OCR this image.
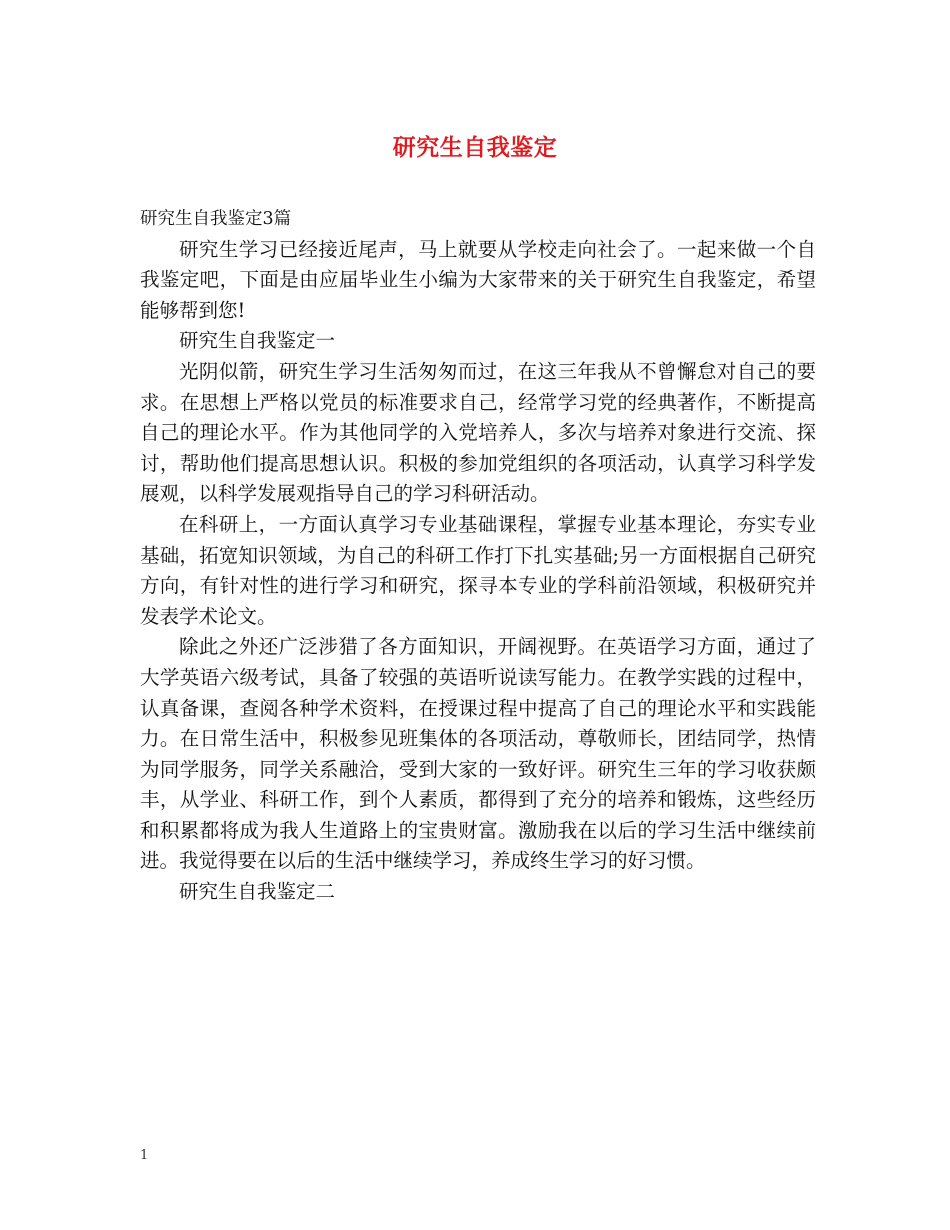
研究生自我鉴定

研究生自我鉴定3篇

研究生学习已经接近尾声，马上就要从学校走向社会了。一起来做一个自我鉴定吧，下面是由应届毕业生小编为大家带来的关于研究生自我鉴定，希望能够帮到您!

研究生自我鉴定一

光阴似箭，研究生学习生活匆匆而过，在这三年我从不曾懈怠对自己的要求。在思想上严格以党员的标准要求自己，经常学习党的经典著作，不断提高自己的理论水平。作为其他同学的入党培养人，多次与培养对象进行交流、探讨，帮助他们提高思想认识。积极的参加党组织的各项活动，认真学习科学发展观，以科学发展观指导自己的学习科研活动。

在科研上，一方面认真学习专业基础课程，掌握专业基本理论，夯实专业基础，拓宽知识领域，为自己的科研工作打下扎实基础;另一方面根据自己研究方向，有针对性的进行学习和研究，探寻本专业的学科前沿领域，积极研究并发表学术论文。

除此之外还广泛涉猎了各方面知识，开阔视野。在英语学习方面，通过了大学英语六级考试，具备了较强的英语听说读写能力。在教学实践的过程中，认真备课，查阅各种学术资料，在授课过程中提高了自己的理论水平和实践能力。在日常生活中，积极参见班集体的各项活动，尊敬师长，团结同学，热情为同学服务，同学关系融洽，受到大家的一致好评。研究生三年的学习收获颇丰，从学业、科研工作，到个人素质，都得到了充分的培养和锻炼，这些经历和积累都将成为我人生道路上的宝贵财富。激励我在以后的学习生活中继续前进。我觉得要在以后的生活中继续学习，养成终生学习的好习惯。

研究生自我鉴定二

1
